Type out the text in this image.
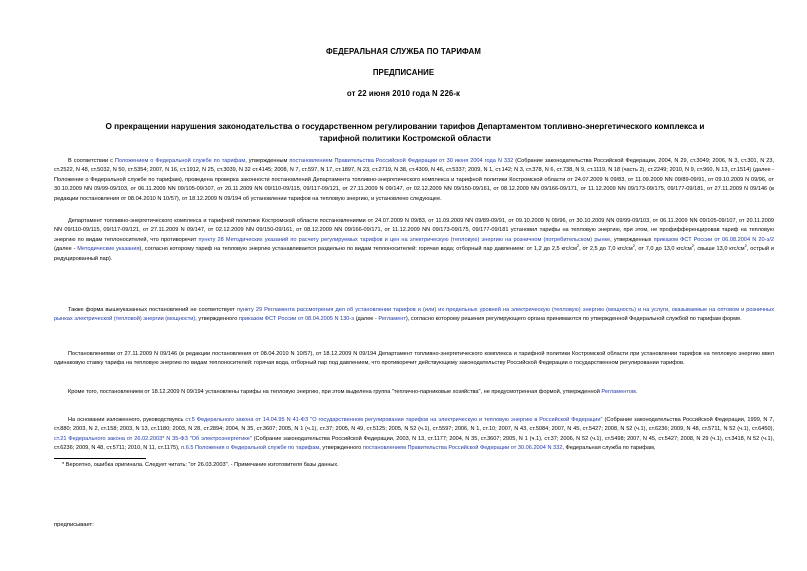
ФЕДЕРАЛЬНАЯ СЛУЖБА ПО ТАРИФАМ
ПРЕДПИСАНИЕ
от 22 июня 2010 года N 226-к
О прекращении нарушения законодательства о государственном регулировании тарифов Департаментом топливно-энергетического комплекса и тарифной политики Костромской области

В соответствии с Положением о Федеральной службе по тарифам, утвержденным постановлением Правительства Российской Федерации от 30 июня 2004 года N 332 (Собрание законодательства Российской Федерации, 2004, N 29, ст.3049; 2006, N 3, ст.301, N 23, ст.2522, N 48, ст.5032, N 50, ст.5354; 2007, N 16, ст.1912, N 25, ст.3039, N 32 ст.4145; 2008, N 7, ст.597, N 17, ст.1897, N 23, ст.2719, N 38, ст.4309, N 46, ст.5337; 2009, N 1, ст.142; N 3, ст.378, N 6, ст.738, N 9, ст.1119, N 18 (часть 2), ст.2249; 2010, N 9, ст.960, N 13, ст.1514) (далее - Положение о Федеральной службе по тарифам), проведена проверка законности постановлений Департамента топливно-энергетического комплекса и тарифной политики Костромской области от 24.07.2009 N 09/83, от 11.09.2009 NN 09/89-09/91, от 09.10.2009 N 09/96, от 30.10.2009 NN 09/99-09/103, от 06.11.2009 NN 09/105-09/107, от 20.11.2009 NN 09/110-09/115, 09/117-09/121, от 27.11.2009 N 09/147, от 02.12.2009 NN 09/150-09/161, от 08.12.2009 NN 09/166-09/171, от 11.12.2009 NN 09/173-09/175, 09/177-09/181, от 27.11.2009 N 09/146 (в редакции постановления от 08.04.2010 N 10/57), от 18.12.2009 N 09/194 об установлении тарифов на тепловую энергию, и установлено следующее.

Департамент топливно-энергетического комплекса и тарифной политики Костромской области постановлениями от 24.07.2009 N 09/83, от 11.09.2009 NN 09/89-09/91, от 09.10.2009 N 09/96, от 30.10.2009 NN 09/99-09/103, от 06.11.2009 NN 09/105-09/107, от 20.11.2009 NN 09/110-09/115, 09/117-09/121, от 27.11.2009 N 09/147, от 02.12.2009 NN 09/150-09/161, от 08.12.2009 NN 09/166-09/171, от 11.12.2009 NN 09/173-09/175, 09/177-09/181 установил тарифы на тепловую энергию, при этом, не профифференцировав тариф на тепловую энергию по видам теплоносителей, что противоречит пункту 28 Методических указаний по расчету регулируемых тарифов и цен на электрическую (тепловую) энергию на розничном (потребительском) рынке, утвержденных приказом ФСТ России от 06.08.2004 N 20-э/2 (далее - Методические указания), согласно которому тариф на тепловую энергию устанавливается раздельно по видам теплоносителей: горячая вода; отборный пар давлением: от 1,2 до 2,5 кгс/$см^2$, от 2,5 до 7,0 кгс/$см^2$, от 7,0 до 13,0 кгс/$см^2$, свыше 13,0 кгс/$см^2$, острый и редуцированный пар).

Также форма вышеуказанных постановлений не соответствует пункту 29 Регламента рассмотрения дел об установлении тарифов и (или) их предельных уровней на электрическую (тепловую) энергию (мощность) и на услуги, оказываемые на оптовом и розничных рынках электрической (тепловой) энергии (мощности), утвержденного приказом ФСТ России от 08.04.2005 N 130-э (далее - Регламент), согласно которому решения регулирующего органа принимаются по утвержденной Федеральной службой по тарифам форме.

Постановлениями от 27.11.2009 N 09/146 (в редакции постановления от 08.04.2010 N 10/57), от 18.12.2009 N 09/194 Департамент топливно-энергетического комплекса и тарифной политики Костромской области при установлении тарифов на тепловую энергию ввел одинаковую ставку тарифа на тепловую энергию по видам теплоносителей: горячая вода, отборный пар под давлением, что противоречит действующему законодательству Российской Федерации о государственном регулировании тарифов.

Кроме того, постановлением от 18.12.2009 N 09/194 установлены тарифы на тепловую энергию, при этом выделена группа "теплично-парниковые хозяйства", не предусмотренная формой, утвержденной Регламентом.

На основании изложенного, руководствуясь ст.5 Федерального закона от 14.04.95 N 41-ФЗ "О государственном регулировании тарифов на электрическую и тепловую энергию в Российской Федерации" (Собрание законодательства Российской Федерации, 1999, N 7, ст.880; 2003, N 2, ст.158; 2003, N 13, ст.1180; 2003, N 28, ст.2894; 2004, N 35, ст.3607; 2005, N 1 (ч.1), ст.37; 2005, N 49, ст.5125; 2005, N 52 (ч.1), ст.5597; 2006, N 1, ст.10; 2007, N 43, ст.5084; 2007, N 45, ст.5427; 2008, N 52 (ч.1), ст.6236; 2009, N 48, ст.5711, N 52 (ч.1), ст.6450), ст.21 Федерального закона от 26.02.2003* N 35-ФЗ "Об электроэнергетике" (Собрание законодательства Российской Федерации, 2003, N 13, ст.1177; 2004, N 35, ст.3607; 2005, N 1 (ч.1), ст.37; 2006, N 52 (ч.1), ст.5498; 2007, N 45, ст.5427; 2008, N 29 (ч.1), ст.3418, N 52 (ч.1), ст.6236; 2009, N 48, ст.5711; 2010, N 11, ст.1175), п.6.5 Положения о Федеральной службе по тарифам, утвержденного постановлением Правительства Российской Федерации от 30.06.2004 N 332, Федеральная служба по тарифам,

* Вероятно, ошибка оригинала. Следует читать: "от 26.03.2003". - Примечание изготовителя базы данных.
предписывает:
